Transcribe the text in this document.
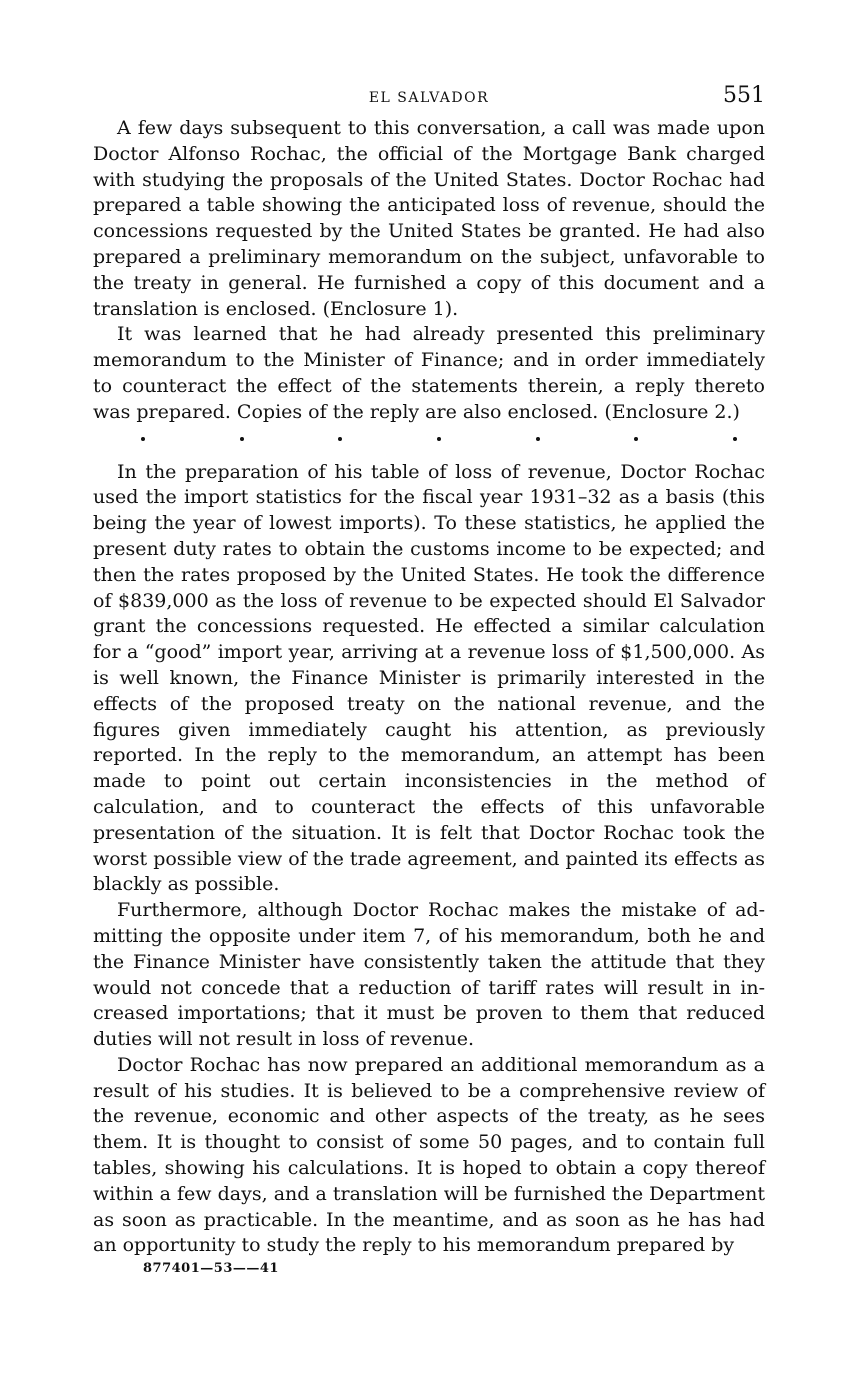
EL SALVADOR	551

A few days subsequent to this conversation, a call was made upon Doctor Alfonso Rochac, the official of the Mortgage Bank charged with studying the proposals of the United States. Doctor Rochac had prepared a table showing the anticipated loss of revenue, should the concessions requested by the United States be granted. He had also prepared a preliminary memorandum on the subject, unfavorable to the treaty in general. He furnished a copy of this document and a translation is enclosed. (Enclosure 1).

It was learned that he had already presented this preliminary memorandum to the Minister of Finance; and in order immediately to counteract the effect of the statements therein, a reply thereto was prepared. Copies of the reply are also enclosed. (Enclosure 2.)

In the preparation of his table of loss of revenue, Doctor Rochac used the import statistics for the fiscal year 1931–32 as a basis (this being the year of lowest imports). To these statistics, he applied the present duty rates to obtain the customs income to be expected; and then the rates proposed by the United States. He took the difference of $839,000 as the loss of revenue to be expected should El Salvador grant the concessions requested. He effected a similar calculation for a “good” import year, arriving at a revenue loss of $1,500,000. As is well known, the Finance Minister is primarily interested in the effects of the proposed treaty on the national revenue, and the figures given immediately caught his attention, as previously reported. In the reply to the memorandum, an attempt has been made to point out certain inconsistencies in the method of calculation, and to counteract the effects of this unfavorable presentation of the situation. It is felt that Doctor Rochac took the worst possible view of the trade agreement, and painted its effects as blackly as possible.

Furthermore, although Doctor Rochac makes the mistake of admitting the opposite under item 7, of his memorandum, both he and the Finance Minister have consistently taken the attitude that they would not concede that a reduction of tariff rates will result in increased importations; that it must be proven to them that reduced duties will not result in loss of revenue.

Doctor Rochac has now prepared an additional memorandum as a result of his studies. It is believed to be a comprehensive review of the revenue, economic and other aspects of the treaty, as he sees them. It is thought to consist of some 50 pages, and to contain full tables, showing his calculations. It is hoped to obtain a copy thereof within a few days, and a translation will be furnished the Department as soon as practicable. In the meantime, and as soon as he has had an opportunity to study the reply to his memorandum prepared by

877401—53——41
